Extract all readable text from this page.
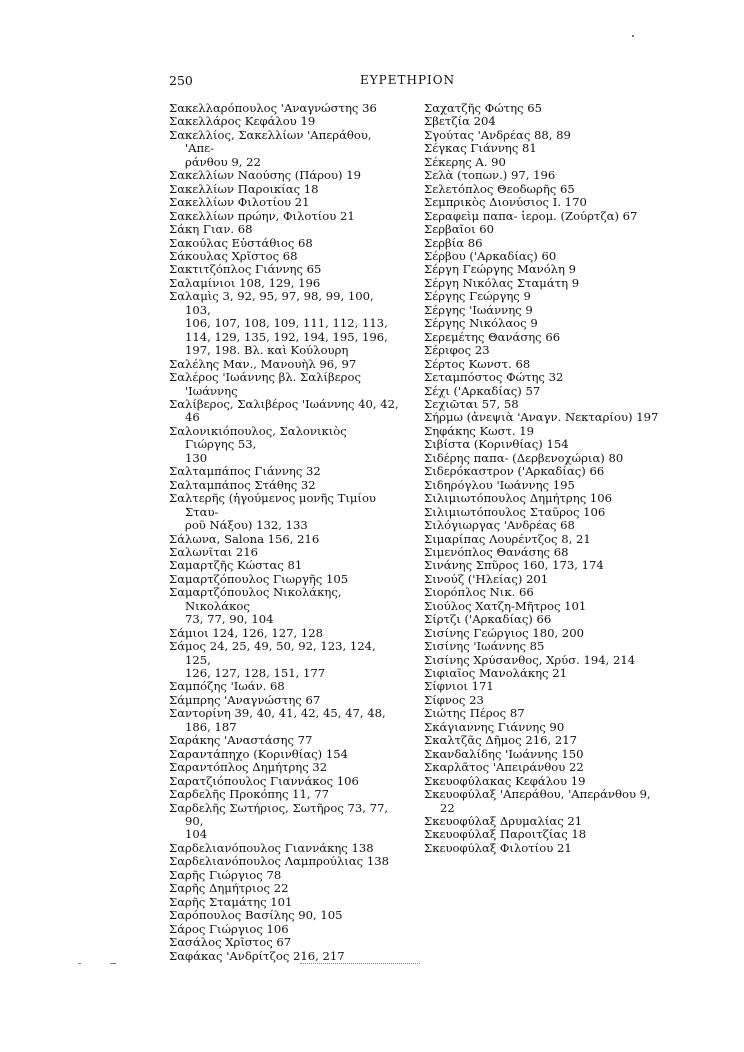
250	ΕΥΡΕΤΗΡΙΟΝ
Σακελλαρόπουλος 'Αναγνώστης 36
Σακελλάρος Κεφάλου 19
Σακελλίος, Σακελλίων 'Απεράθου, 'Απε-
ράνθου 9, 22
Σακελλίων Ναούσης (Πάρου) 19
Σακελλίων Παροικίας 18
Σακελλίων Φιλοτίου 21
Σακελλίων πρώην, Φιλοτίου 21
Σάκη Γιαν. 68
Σακούλας Εὐστάθιος 68
Σάκουλας Χρῖστος 68
Σακτιτζόπλος Γιάννης 65
Σαλαμίνιοι 108, 129, 196
Σαλαμὶς 3, 92, 95, 97, 98, 99, 100, 103,
106, 107, 108, 109, 111, 112, 113,
114, 129, 135, 192, 194, 195, 196,
197, 198. Βλ. καὶ Κούλουρη
Σαλέλης Μαν., Μανουὴλ 96, 97
Σαλέρος 'Ιωάννης βλ. Σαλίβερος 'Ιωάννης
Σαλίβερος, Σαλιβέρος 'Ιωάννης 40, 42, 46
Σαλονικιόπουλος, Σαλονικιὸς Γιώργης 53,
130
Σαλταμπάπος Γιάννης 32
Σαλταμπάπος Στάθης 32
Σαλτερῆς (ἡγούμενος μονῆς Τιμίου Σταυ-
ροῦ Νάξου) 132, 133
Σάλωνα, Salona 156, 216
Σαλωνῖται 216
Σαμαρτζῆς Κώστας 81
Σαμαρτζόπουλος Γιωργῆς 105
Σαμαρτζόπουλος Νικολάκης, Νικολάκος
73, 77, 90, 104
Σάμιοι 124, 126, 127, 128
Σάμος 24, 25, 49, 50, 92, 123, 124, 125,
126, 127, 128, 151, 177
Σαμπόζης 'Ιωάν. 68
Σάμπρης 'Αναγνώστης 67
Σαντορίνη 39, 40, 41, 42, 45, 47, 48,
186, 187
Σαράκης 'Αναστάσης 77
Σαραντάπηχο (Κορινθίας) 154
Σαραντόπλος Δημήτρης 32
Σαρατζιόπουλος Γιαννάκος 106
Σαρδελῆς Προκόπης 11, 77
Σαρδελῆς Σωτήριος, Σωτῆρος 73, 77, 90,
104
Σαρδελιανόπουλος Γιαννάκης 138
Σαρδελιανόπουλος Λαμπρούλιας 138
Σαρῆς Γιώργιος 78
Σαρῆς Δημήτριος 22
Σαρῆς Σταμάτης 101
Σαρόπουλος Βασίλης 90, 105
Σάρος Γιώργιος 106
Σασάλος Χρῖστος 67
Σαφάκας 'Ανδρίτζος 216, 217
Σαχατζῆς Φώτης 65
Σβετζία 204
Σγούτας 'Ανδρέας 88, 89
Σέγκας Γιάννης 81
Σέκερης Α. 90
Σελὰ (τοπων.) 97, 196
Σελετόπλος Θεοδωρῆς 65
Σεμπρικὸς Διονύσιος Ι. 170
Σεραφεὶμ παπα- ἱερομ. (Ζούρτζα) 67
Σερβαῖοι 60
Σερβία 86
Σέρβου ('Αρκαδίας) 60
Σέργη Γεώργης Μανόλη 9
Σέργη Νικόλας Σταμάτη 9
Σέργης Γεώργης 9
Σέργης 'Ιωάννης 9
Σέργης Νικόλαος 9
Σερεμέτης Θανάσης 66
Σέριφος 23
Σέρτος Κωνστ. 68
Σεταμπόστος Φώτης 32
Σέχι ('Αρκαδίας) 57
Σεχιῶται 57, 58
Σήρμω (ἀνεψιὰ 'Αναγν. Νεκταρίου) 197
Σηφάκης Κωστ. 19
Σιβίστα (Κορινθίας) 154
Σιδέρης παπα- (Δερβενοχώρια) 80
Σιδερόκαστρον ('Αρκαδίας) 66
Σιδηρόγλου 'Ιωάννης 195
Σιλιμιωτόπουλος Δημήτρης 106
Σιλιμιωτόπουλος Σταῦρος 106
Σιλόγιωργας 'Ανδρέας 68
Σιμαρίπας Λουρέντζος 8, 21
Σιμενόπλος Θανάσης 68
Σινάνης Σπῦρος 160, 173, 174
Σινούζ ('Ηλείας) 201
Σιορόπλος Νικ. 66
Σιούλος Χατζη-Μῆτρος 101
Σίρτζι ('Αρκαδίας) 66
Σισίνης Γεώργιος 180, 200
Σισίνης 'Ιωάννης 85
Σισίνης Χρύσανθος, Χρύσ. 194, 214
Σιφιαῖος Μανολάκης 21
Σίφνιοι 171
Σίφνος 23
Σιώτης Πέρος 87
Σκάγιαννης Γιάννης 90
Σκαλτζᾶς Δῆμος 216, 217
Σκανδαλίδης 'Ιωάννης 150
Σκαρλᾶτος 'Απειράνθου 22
Σκευοφύλακας Κεφάλου 19
Σκευοφύλαξ 'Απεράθου, 'Απεράνθου 9, 22
Σκευοφύλαξ Δρυμαλίας 21
Σκευοφύλαξ Παροιτζίας 18
Σκευοφύλαξ Φιλοτίου 21
